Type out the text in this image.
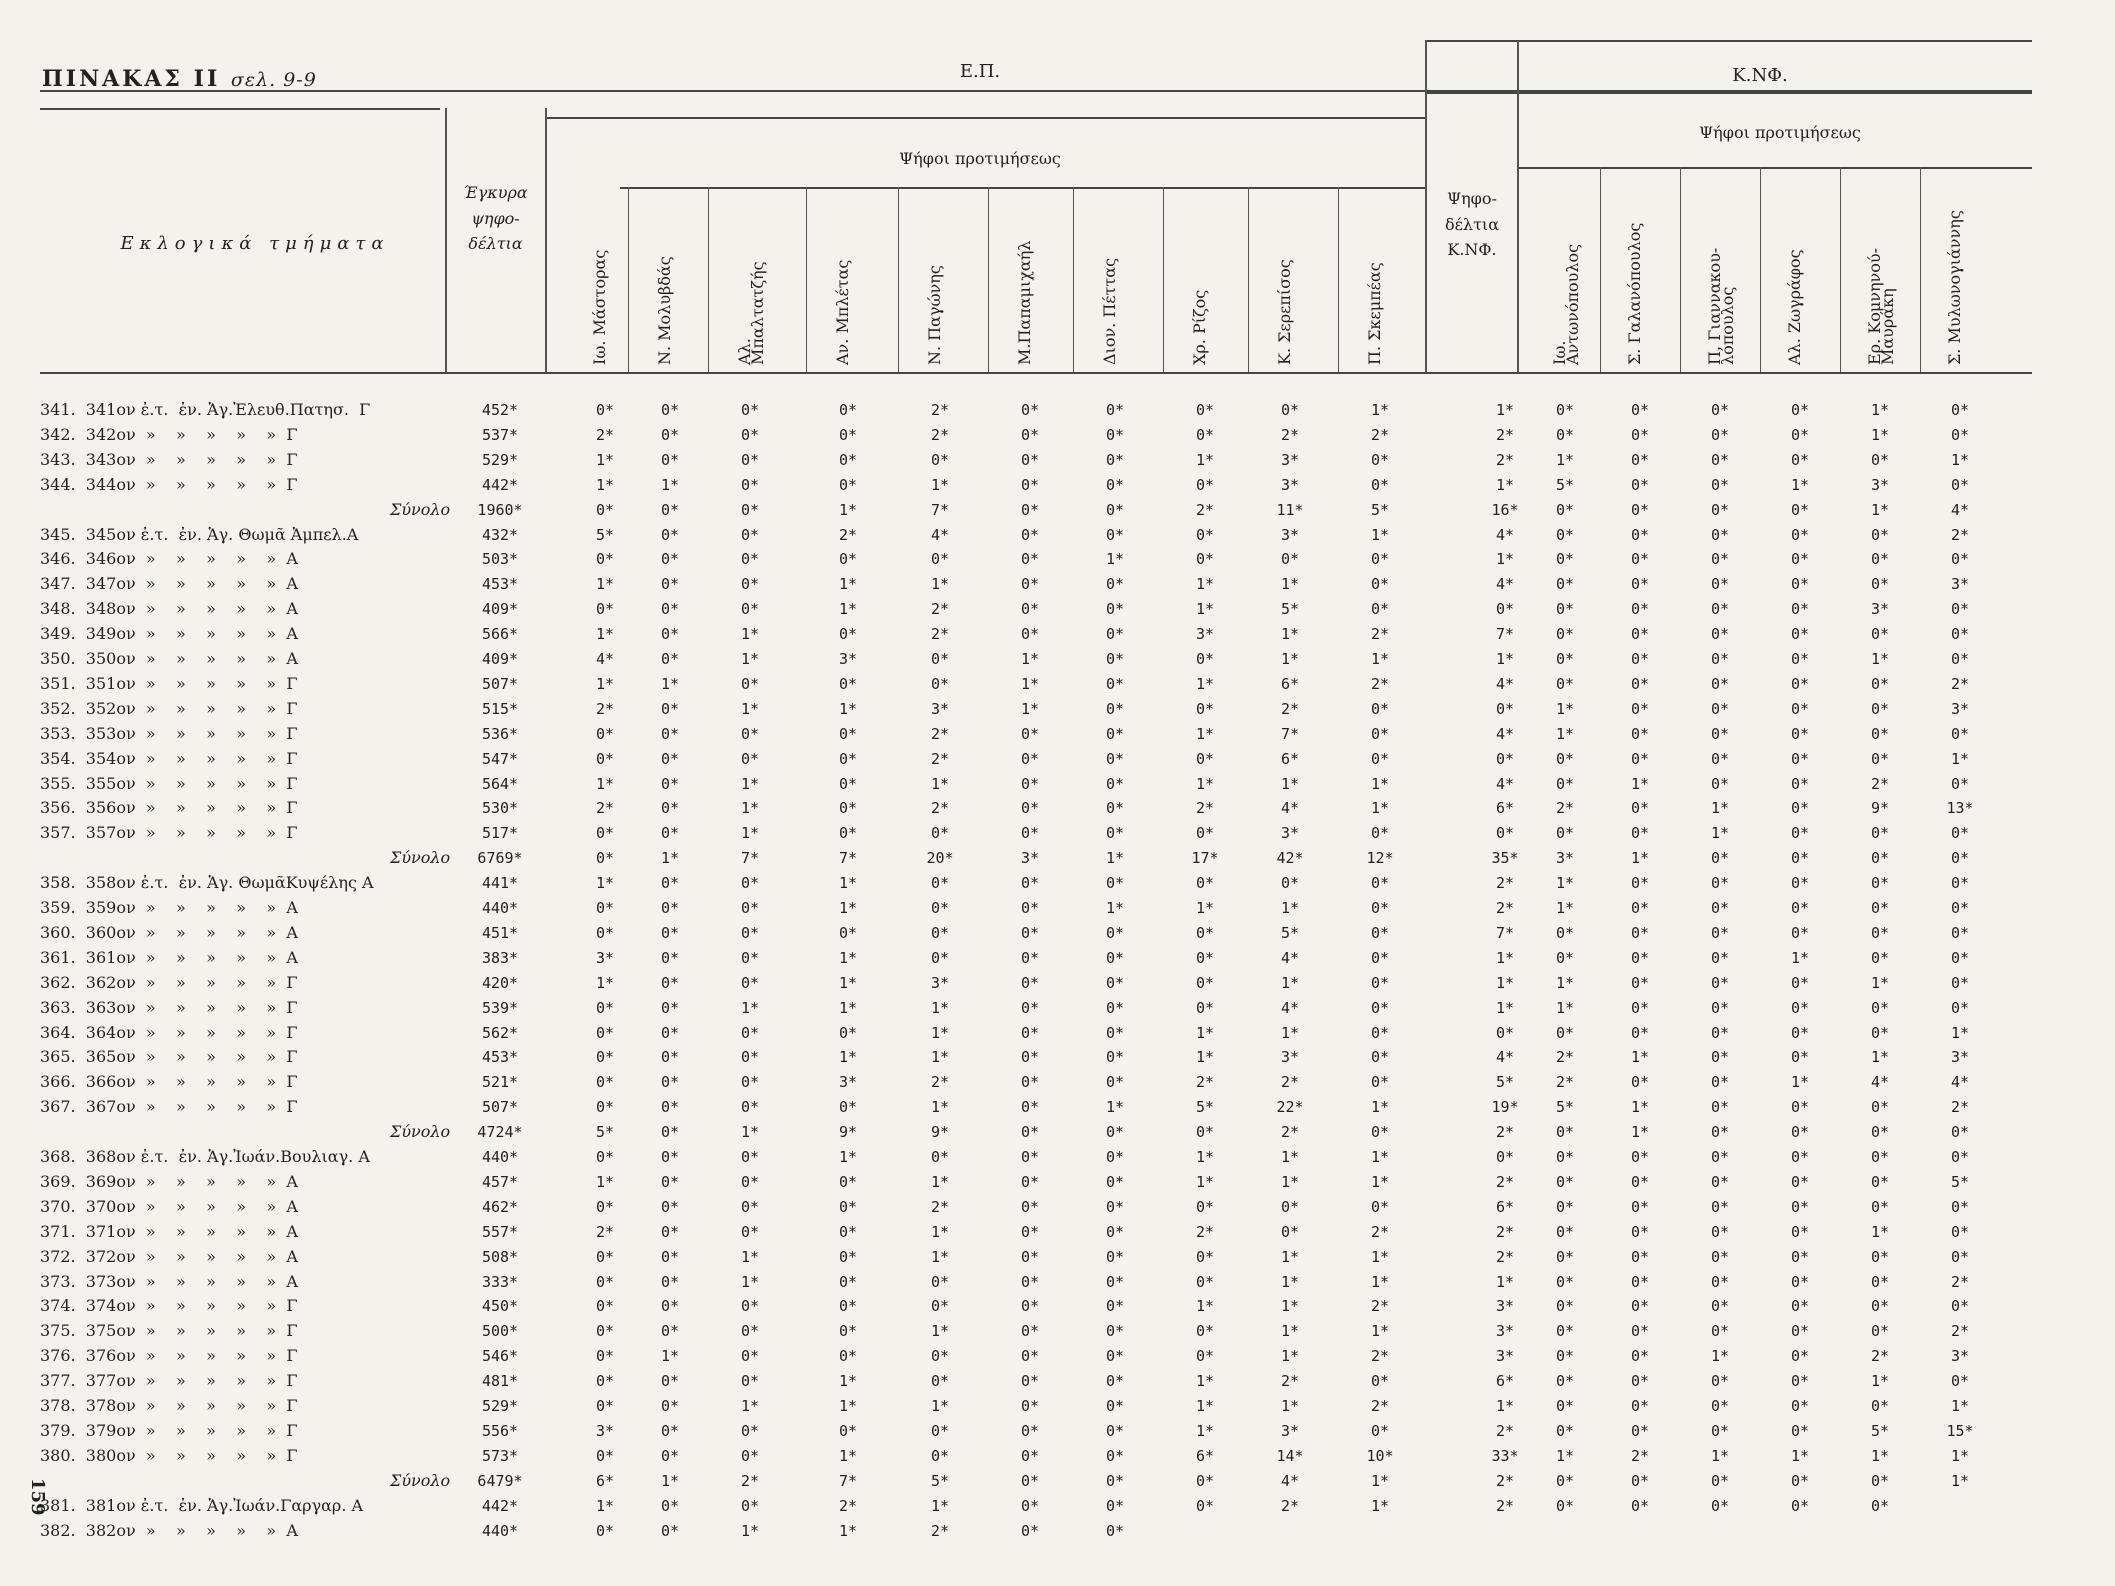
ΠΙΝΑΚΑΣ ΙΙ σελ. 9-9
159
Εκλογικά τμήματα
Έγκυρα
ψηφο-
δέλτια
Ε.Π.
Ψήφοι προτιμήσεως
Κ.ΝΦ.
Ψήφοι προτιμήσεως
Ψηφο-
δέλτια
Κ.ΝΦ.
Ιω. Μάστορας	Ν. Μολυβδάς	Αλ.
Μπαλτατζής	Αν. Μπλέτας	Ν. Παγώνης	Μ.Παπαμιχαήλ	Διον. Πέττας	Χρ. Ρίζος	Κ. Σερεπίσος	Π. Σκεμπέας	Ιω.
Αντωνόπουλος	Σ. Γαλανόπουλος	Π. Γιαννακου-
λόπουλος	Αλ. Ζωγράφος	Ερ. Κομνηνού-
Μαυράκη	Σ. Μυλωνογιάννης
341.  341ον ἐ.τ.  ἐν. Ἁγ.Ἐλευθ.Πατησ.  Γ	452*	0*	0*	0*	0*	2*	0*	0*	0*	0*	1*	1*	0*	0*	0*	0*	1*	0*
342.  342ον  »    »    »    »    »  Γ	537*	2*	0*	0*	0*	2*	0*	0*	0*	2*	2*	2*	0*	0*	0*	0*	1*	0*
343.  343ον  »    »    »    »    »  Γ	529*	1*	0*	0*	0*	0*	0*	0*	1*	3*	0*	2*	1*	0*	0*	0*	0*	1*
344.  344ον  »    »    »    »    »  Γ	442*	1*	1*	0*	0*	1*	0*	0*	0*	3*	0*	1*	5*	0*	0*	1*	3*	0*
Σύνολο	1960*	0*	0*	0*	1*	7*	0*	0*	2*	11*	5*	16*	0*	0*	0*	0*	1*	4*
345.  345ον ἐ.τ.  ἐν. Ἁγ. Θωμᾶ Ἀμπελ.Α	432*	5*	0*	0*	2*	4*	0*	0*	0*	3*	1*	4*	0*	0*	0*	0*	0*	2*
346.  346ον  »    »    »    »    »  Α	503*	0*	0*	0*	0*	0*	0*	1*	0*	0*	0*	1*	0*	0*	0*	0*	0*	0*
347.  347ον  »    »    »    »    »  Α	453*	1*	0*	0*	1*	1*	0*	0*	1*	1*	0*	4*	0*	0*	0*	0*	0*	3*
348.  348ον  »    »    »    »    »  Α	409*	0*	0*	0*	1*	2*	0*	0*	1*	5*	0*	0*	0*	0*	0*	0*	3*	0*
349.  349ον  »    »    »    »    »  Α	566*	1*	0*	1*	0*	2*	0*	0*	3*	1*	2*	7*	0*	0*	0*	0*	0*	0*
350.  350ον  »    »    »    »    »  Α	409*	4*	0*	1*	3*	0*	1*	0*	0*	1*	1*	1*	0*	0*	0*	0*	1*	0*
351.  351ον  »    »    »    »    »  Γ	507*	1*	1*	0*	0*	0*	1*	0*	1*	6*	2*	4*	0*	0*	0*	0*	0*	2*
352.  352ον  »    »    »    »    »  Γ	515*	2*	0*	1*	1*	3*	1*	0*	0*	2*	0*	0*	1*	0*	0*	0*	0*	3*
353.  353ον  »    »    »    »    »  Γ	536*	0*	0*	0*	0*	2*	0*	0*	1*	7*	0*	4*	1*	0*	0*	0*	0*	0*
354.  354ον  »    »    »    »    »  Γ	547*	0*	0*	0*	0*	2*	0*	0*	0*	6*	0*	0*	0*	0*	0*	0*	0*	1*
355.  355ον  »    »    »    »    »  Γ	564*	1*	0*	1*	0*	1*	0*	0*	1*	1*	1*	4*	0*	1*	0*	0*	2*	0*
356.  356ον  »    »    »    »    »  Γ	530*	2*	0*	1*	0*	2*	0*	0*	2*	4*	1*	6*	2*	0*	1*	0*	9*	13*
357.  357ον  »    »    »    »    »  Γ	517*	0*	0*	1*	0*	0*	0*	0*	0*	3*	0*	0*	0*	0*	1*	0*	0*	0*
Σύνολο	6769*	0*	1*	7*	7*	20*	3*	1*	17*	42*	12*	35*	3*	1*	0*	0*	0*	0*
358.  358ον ἐ.τ.  ἐν. Ἁγ. ΘωμᾶΚυψέλης Α	441*	1*	0*	0*	1*	0*	0*	0*	0*	0*	0*	2*	1*	0*	0*	0*	0*	0*
359.  359ον  »    »    »    »    »  Α	440*	0*	0*	0*	1*	0*	0*	1*	1*	1*	0*	2*	1*	0*	0*	0*	0*	0*
360.  360ον  »    »    »    »    »  Α	451*	0*	0*	0*	0*	0*	0*	0*	0*	5*	0*	7*	0*	0*	0*	0*	0*	0*
361.  361ον  »    »    »    »    »  Α	383*	3*	0*	0*	1*	0*	0*	0*	0*	4*	0*	1*	0*	0*	0*	1*	0*	0*
362.  362ον  »    »    »    »    »  Γ	420*	1*	0*	0*	1*	3*	0*	0*	0*	1*	0*	1*	1*	0*	0*	0*	1*	0*
363.  363ον  »    »    »    »    »  Γ	539*	0*	0*	1*	1*	1*	0*	0*	0*	4*	0*	1*	1*	0*	0*	0*	0*	0*
364.  364ον  »    »    »    »    »  Γ	562*	0*	0*	0*	0*	1*	0*	0*	1*	1*	0*	0*	0*	0*	0*	0*	0*	1*
365.  365ον  »    »    »    »    »  Γ	453*	0*	0*	0*	1*	1*	0*	0*	1*	3*	0*	4*	2*	1*	0*	0*	1*	3*
366.  366ον  »    »    »    »    »  Γ	521*	0*	0*	0*	3*	2*	0*	0*	2*	2*	0*	5*	2*	0*	0*	1*	4*	4*
367.  367ον  »    »    »    »    »  Γ	507*	0*	0*	0*	0*	1*	0*	1*	5*	22*	1*	19*	5*	1*	0*	0*	0*	2*
Σύνολο	4724*	5*	0*	1*	9*	9*	0*	0*	0*	2*	0*	2*	0*	1*	0*	0*	0*	0*
368.  368ον ἐ.τ.  ἐν. Ἁγ.Ἰωάν.Βουλιαγ. Α	440*	0*	0*	0*	1*	0*	0*	0*	1*	1*	1*	0*	0*	0*	0*	0*	0*	0*
369.  369ον  »    »    »    »    »  Α	457*	1*	0*	0*	0*	1*	0*	0*	1*	1*	1*	2*	0*	0*	0*	0*	0*	5*
370.  370ον  »    »    »    »    »  Α	462*	0*	0*	0*	0*	2*	0*	0*	0*	0*	0*	6*	0*	0*	0*	0*	0*	0*
371.  371ον  »    »    »    »    »  Α	557*	2*	0*	0*	0*	1*	0*	0*	2*	0*	2*	2*	0*	0*	0*	0*	1*	0*
372.  372ον  »    »    »    »    »  Α	508*	0*	0*	1*	0*	1*	0*	0*	0*	1*	1*	2*	0*	0*	0*	0*	0*	0*
373.  373ον  »    »    »    »    »  Α	333*	0*	0*	1*	0*	0*	0*	0*	0*	1*	1*	1*	0*	0*	0*	0*	0*	2*
374.  374ον  »    »    »    »    »  Γ	450*	0*	0*	0*	0*	0*	0*	0*	1*	1*	2*	3*	0*	0*	0*	0*	0*	0*
375.  375ον  »    »    »    »    »  Γ	500*	0*	0*	0*	0*	1*	0*	0*	0*	1*	1*	3*	0*	0*	0*	0*	0*	2*
376.  376ον  »    »    »    »    »  Γ	546*	0*	1*	0*	0*	0*	0*	0*	0*	1*	2*	3*	0*	0*	1*	0*	2*	3*
377.  377ον  »    »    »    »    »  Γ	481*	0*	0*	0*	1*	0*	0*	0*	1*	2*	0*	6*	0*	0*	0*	0*	1*	0*
378.  378ον  »    »    »    »    »  Γ	529*	0*	0*	1*	1*	1*	0*	0*	1*	1*	2*	1*	0*	0*	0*	0*	0*	1*
379.  379ον  »    »    »    »    »  Γ	556*	3*	0*	0*	0*	0*	0*	0*	1*	3*	0*	2*	0*	0*	0*	0*	5*	15*
380.  380ον  »    »    »    »    »  Γ	573*	0*	0*	0*	1*	0*	0*	0*	6*	14*	10*	33*	1*	2*	1*	1*	1*	1*
Σύνολο	6479*	6*	1*	2*	7*	5*	0*	0*	0*	4*	1*	2*	0*	0*	0*	0*	0*	1*
381.  381ον ἐ.τ.  ἐν. Ἁγ.Ἰωάν.Γαργαρ. Α	442*	1*	0*	0*	2*	1*	0*	0*	0*	2*	1*	2*	0*	0*	0*	0*	0*
382.  382ον  »    »    »    »    »  Α	440*	0*	0*	1*	1*	2*	0*	0*
